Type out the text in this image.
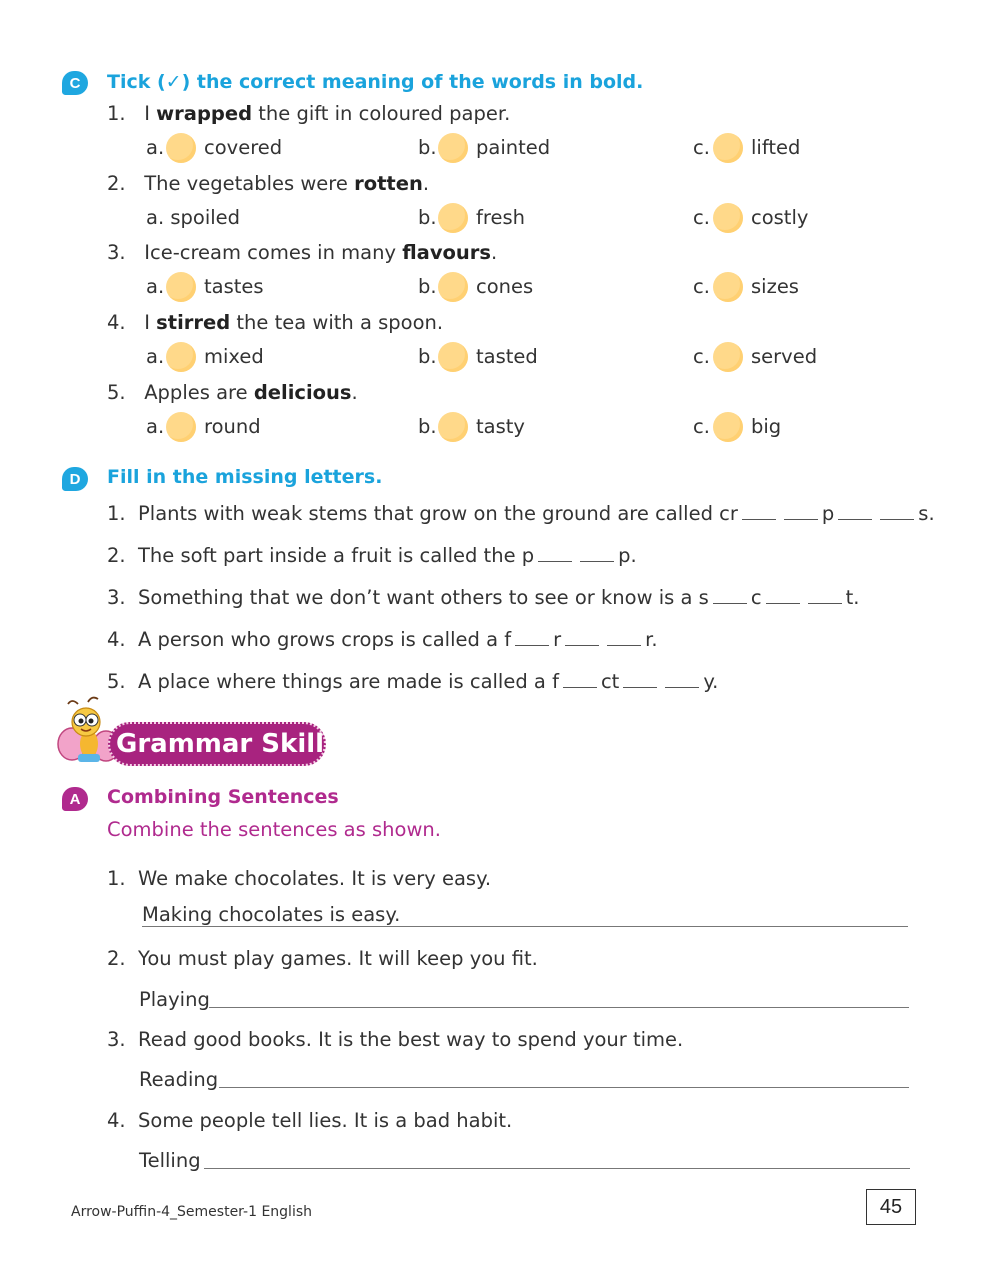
C	Tick (✓) the correct meaning of the words in bold.
1. I wrapped the gift in coloured paper.
a. covered	b. painted	c. lifted
2. The vegetables were rotten.
a. spoiled	b. fresh	c. costly
3. Ice-cream comes in many flavours.
a. tastes	b. cones	c. sizes
4. I stirred the tea with a spoon.
a. mixed	b. tasted	c. served
5. Apples are delicious.
a. round	b. tasty	c. big
D	Fill in the missing letters.
1. Plants with weak stems that grow on the ground are called cr	p	s.
2. The soft part inside a fruit is called the p	p.
3. Something that we don’t want others to see or know is a s c	t.
4. A person who grows crops is called a f r	r.
5. A place where things are made is called a f ct	y.
Grammar Skills
A	Combining Sentences
Combine the sentences as shown.
1. We make chocolates. It is very easy.
Making chocolates is easy.
2. You must play games. It will keep you fit.
Playing
3. Read good books. It is the best way to spend your time.
Reading
4. Some people tell lies. It is a bad habit.
Telling
Arrow-Puffin-4_Semester-1 English	45
